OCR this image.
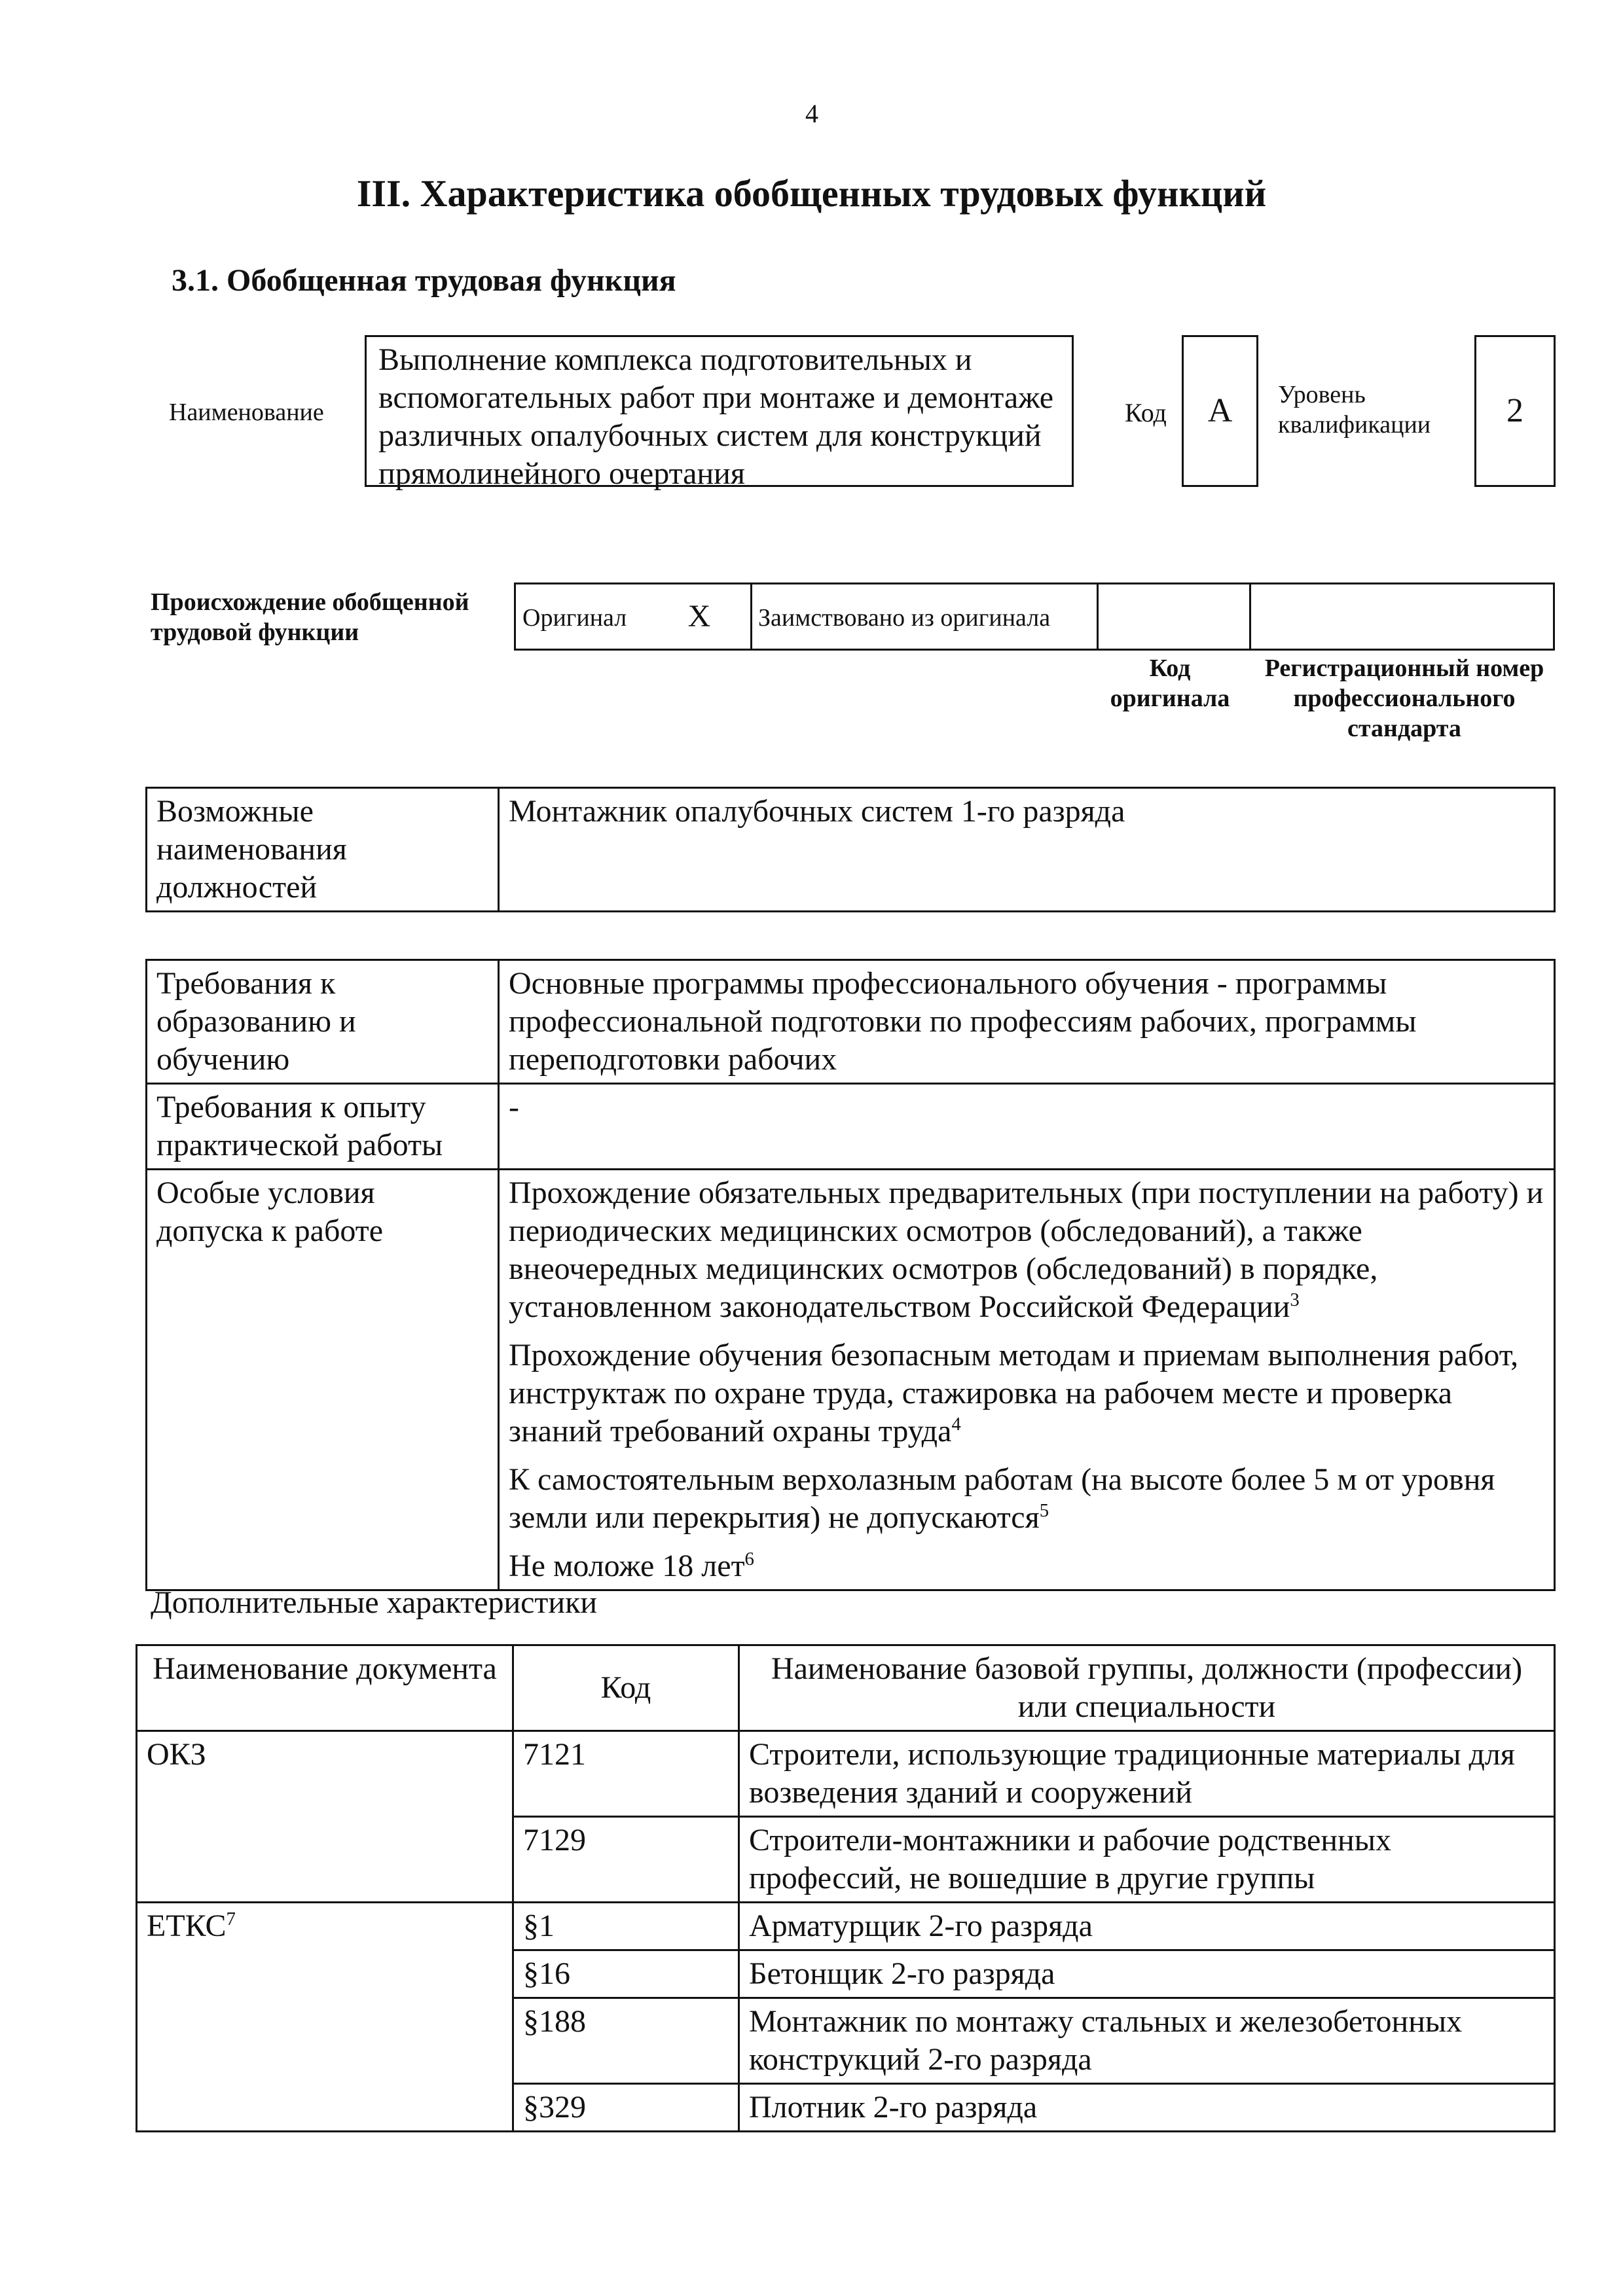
4
III. Характеристика обобщенных трудовых функций
3.1. Обобщенная трудовая функция
Наименование
Выполнение комплекса подготовительных и вспомогательных работ при монтаже и демонтаже различных опалубочных систем для конструкций прямолинейного очертания
Код	А	Уровень квалификации	2
Происхождение обобщенной трудовой функции
Оригинал	X	Заимствовано из оригинала
Код оригинала
Регистрационный номер профессионального стандарта
Возможные наименования должностей	Монтажник опалубочных систем 1-го разряда
Требования к образованию и обучению	Основные программы профессионального обучения - программы профессиональной подготовки по профессиям рабочих, программы переподготовки рабочих
Требования к опыту практической работы	-
Особые условия допуска к работе	Прохождение обязательных предварительных (при поступлении на работу) и периодических медицинских осмотров (обследований), а также внеочередных медицинских осмотров (обследований) в порядке, установленном законодательством Российской Федерации$^3$

Прохождение обучения безопасным методам и приемам выполнения работ, инструктаж по охране труда, стажировка на рабочем месте и проверка знаний требований охраны труда$^4$

К самостоятельным верхолазным работам (на высоте более 5 м от уровня земли или перекрытия) не допускаются$^5$

Не моложе 18 лет$^6$

Дополнительные характеристики
Наименование документа	Код	Наименование базовой группы, должности (профессии) или специальности
ОКЗ	7121	Строители, использующие традиционные материалы для возведения зданий и сооружений
	7129	Строители-монтажники и рабочие родственных профессий, не вошедшие в другие группы
ЕТКС$^7$	§1	Арматурщик 2-го разряда
	§16	Бетонщик 2-го разряда
	§188	Монтажник по монтажу стальных и железобетонных конструкций 2-го разряда
	§329	Плотник 2-го разряда
